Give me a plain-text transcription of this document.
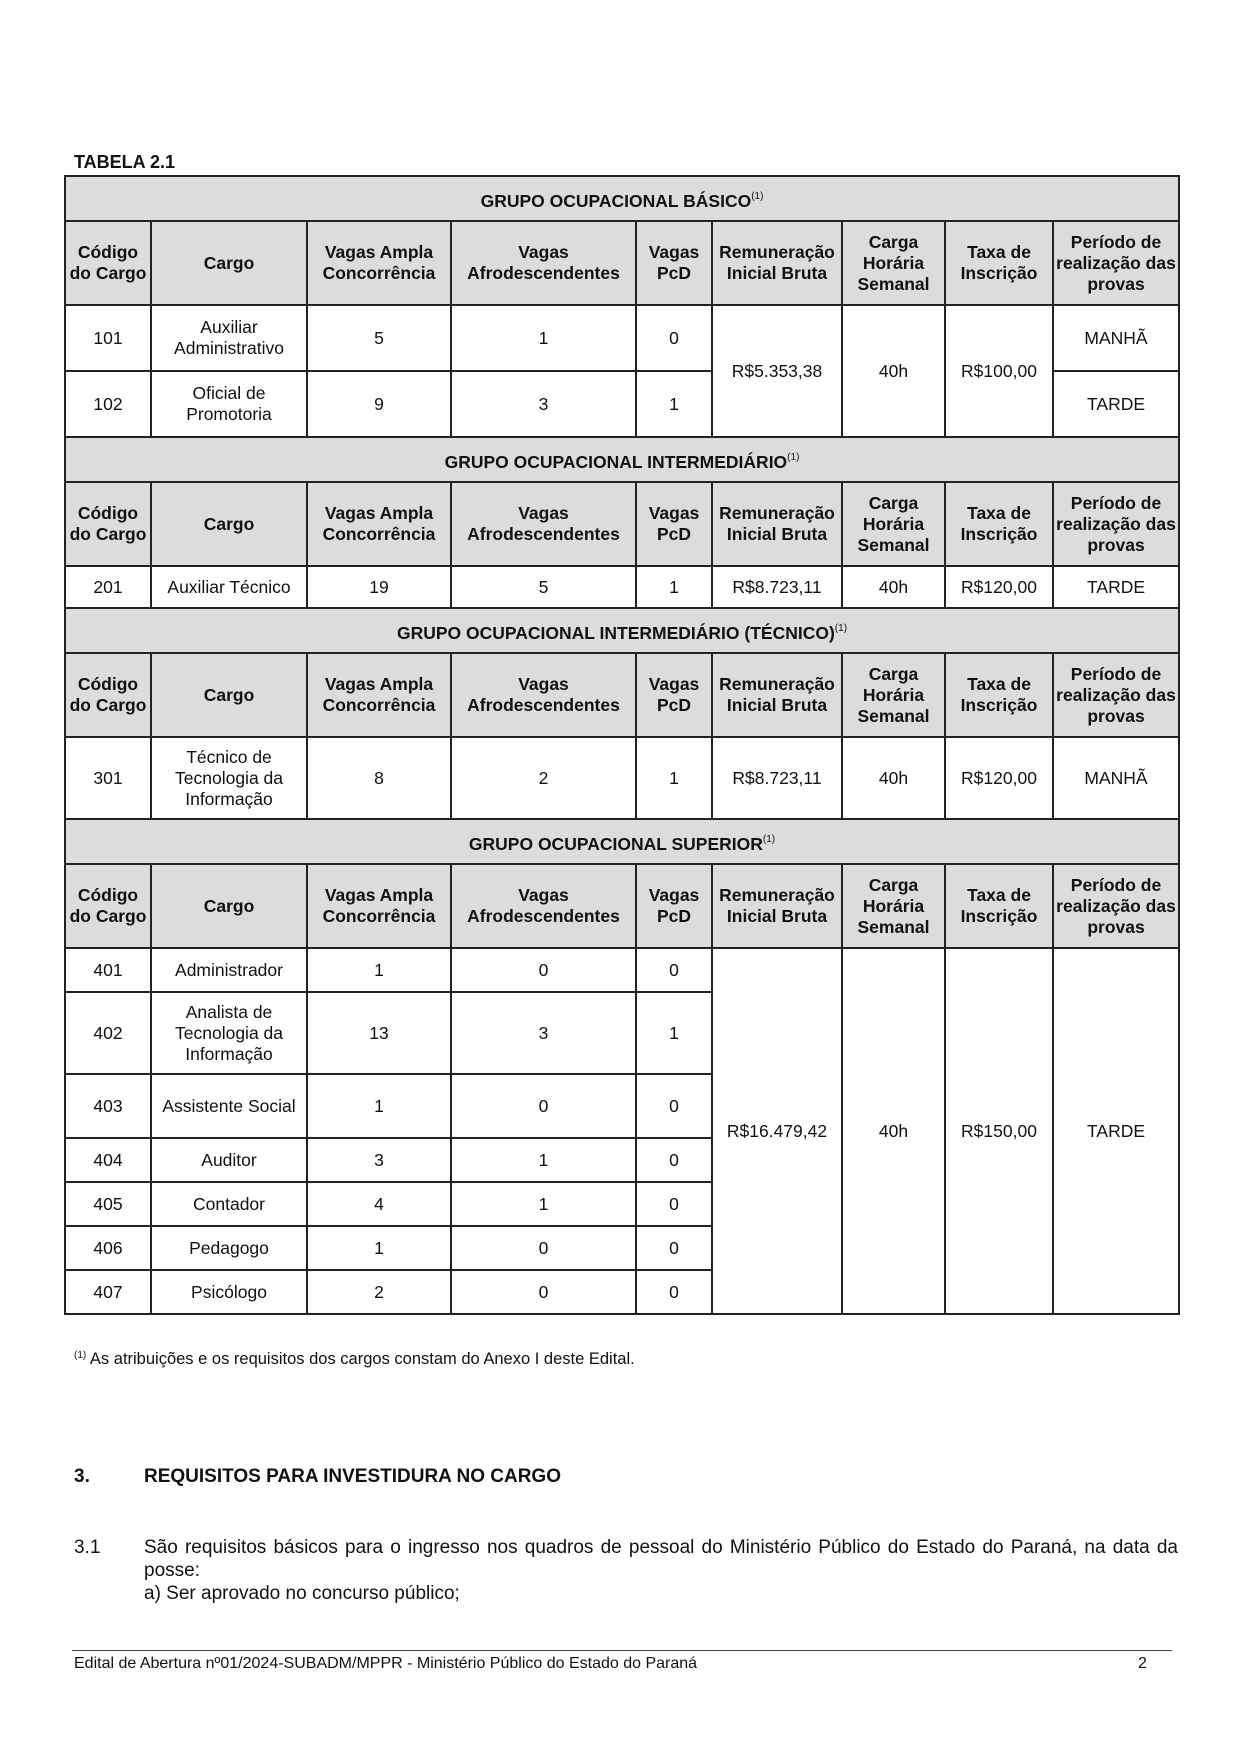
TABELA 2.1
GRUPO OCUPACIONAL BÁSICO$^{(1)}$
Código do Cargo	Cargo	Vagas Ampla Concorrência	Vagas Afrodescendentes	Vagas PcD	Remuneração Inicial Bruta	Carga Horária Semanal	Taxa de Inscrição	Período de realização das provas
101	Auxiliar Administrativo	5	1	0	R$5.353,38	40h	R$100,00	MANHÃ
102	Oficial de Promotoria	9	3	1				TARDE
GRUPO OCUPACIONAL INTERMEDIÁRIO$^{(1)}$
Código do Cargo	Cargo	Vagas Ampla Concorrência	Vagas Afrodescendentes	Vagas PcD	Remuneração Inicial Bruta	Carga Horária Semanal	Taxa de Inscrição	Período de realização das provas
201	Auxiliar Técnico	19	5	1	R$8.723,11	40h	R$120,00	TARDE
GRUPO OCUPACIONAL INTERMEDIÁRIO (TÉCNICO)$^{(1)}$
Código do Cargo	Cargo	Vagas Ampla Concorrência	Vagas Afrodescendentes	Vagas PcD	Remuneração Inicial Bruta	Carga Horária Semanal	Taxa de Inscrição	Período de realização das provas
301	Técnico de Tecnologia da Informação	8	2	1	R$8.723,11	40h	R$120,00	MANHÃ
GRUPO OCUPACIONAL SUPERIOR$^{(1)}$
Código do Cargo	Cargo	Vagas Ampla Concorrência	Vagas Afrodescendentes	Vagas PcD	Remuneração Inicial Bruta	Carga Horária Semanal	Taxa de Inscrição	Período de realização das provas
401	Administrador	1	0	0	R$16.479,42	40h	R$150,00	TARDE
402	Analista de Tecnologia da Informação	13	3	1				
403	Assistente Social	1	0	0				
404	Auditor	3	1	0				
405	Contador	4	1	0				
406	Pedagogo	1	0	0				
407	Psicólogo	2	0	0				
$^{(1)}$ As atribuições e os requisitos dos cargos constam do Anexo I deste Edital.
3.	REQUISITOS PARA INVESTIDURA NO CARGO
3.1 São requisitos básicos para o ingresso nos quadros de pessoal do Ministério Público do Estado do Paraná, na data da posse:
a) Ser aprovado no concurso público;
Edital de Abertura nº01/2024-SUBADM/MPPR - Ministério Público do Estado do Paraná	2
